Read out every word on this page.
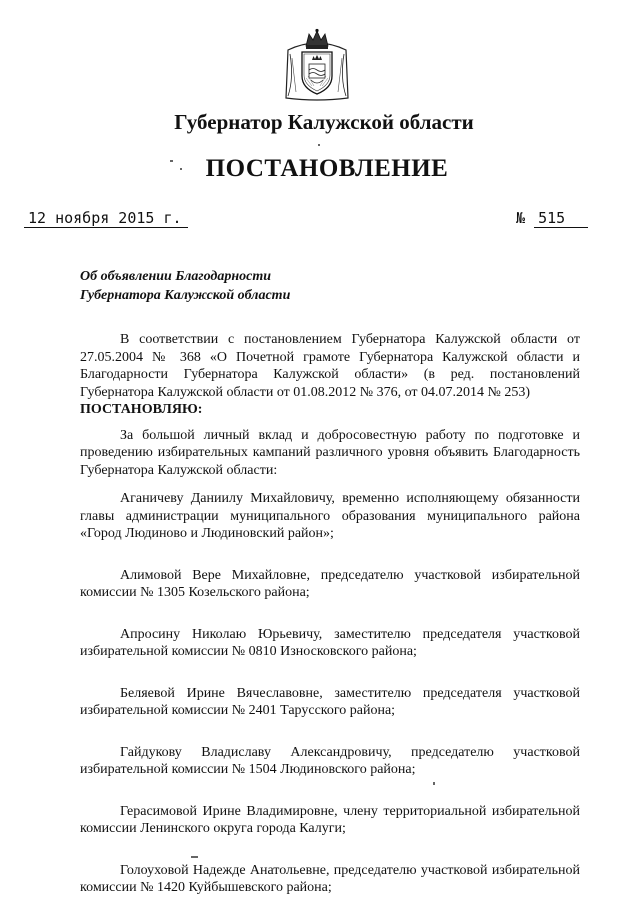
Губернатор Калужской области
ПОСТАНОВЛЕНИЕ
12 ноября 2015 г.	№ 515
Об объявлении Благодарности
Губернатора Калужской области

В соответствии с постановлением Губернатора Калужской области от 27.05.2004 № 368 «О Почетной грамоте Губернатора Калужской области и Благодарности Губернатора Калужской области» (в ред. постановлений Губернатора Калужской области от 01.08.2012 № 376, от 04.07.2014 № 253)

ПОСТАНОВЛЯЮ:

За большой личный вклад и добросовестную работу по подготовке и проведению избирательных кампаний различного уровня объявить Благодарность Губернатора Калужской области:

Аганичеву Даниилу Михайловичу, временно исполняющему обязанности главы администрации муниципального образования муниципального района «Город Людиново и Людиновский район»;

Алимовой Вере Михайловне, председателю участковой избирательной комиссии № 1305 Козельского района;

Апросину Николаю Юрьевичу, заместителю председателя участковой избирательной комиссии № 0810 Износковского района;

Беляевой Ирине Вячеславовне, заместителю председателя участковой избирательной комиссии № 2401 Тарусского района;

Гайдукову Владиславу Александровичу, председателю участковой избирательной комиссии № 1504 Людиновского района;

Герасимовой Ирине Владимировне, члену территориальной избирательной комиссии Ленинского округа города Калуги;

Голоуховой Надежде Анатольевне, председателю участковой избирательной комиссии № 1420 Куйбышевского района;
